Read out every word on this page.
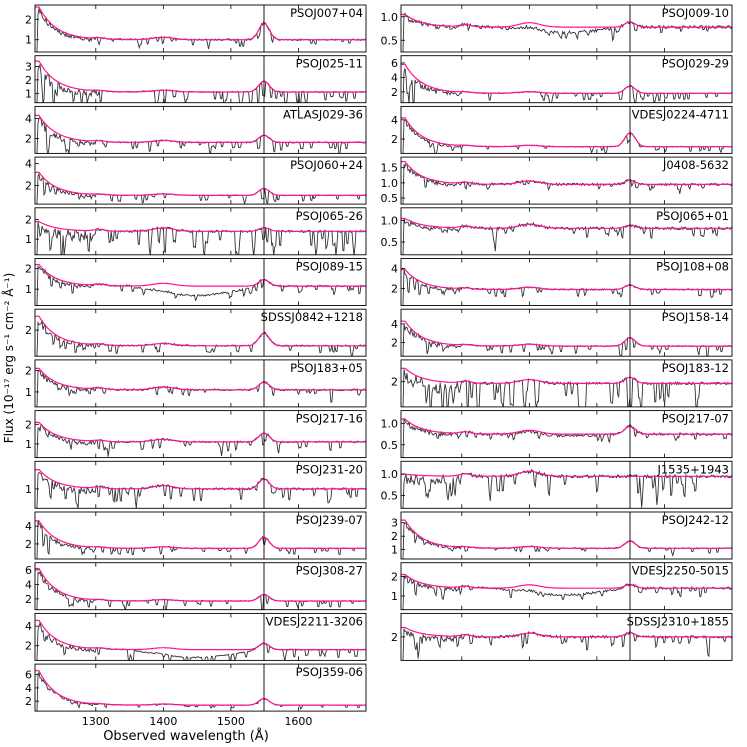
1
2	PSOJ007+04
0.5
1.0	PSOJ009-10
1
2
3	PSOJ025-11
2
4
6	PSOJ029-29
2
4	ATLASJ029-36
2
4	VDESJ0224-4711
2
4	PSOJ060+24
0.5
1.0
1.5	J0408-5632
1
2	PSOJ065-26
0.5
1.0	PSOJ065+01
1
2	PSOJ089-15
2
4	PSOJ108+08
2
SDSSJ0842+1218
2
4
PSOJ158-14
1
2	PSOJ183+05
2
PSOJ183-12
1
2	PSOJ217-16
0.5
1.0	PSOJ217-07
1
PSOJ231-20
0.5
1.0	J1535+1943
2
4	PSOJ239-07
1
2
3	PSOJ242-12
2
4
6	PSOJ308-27
1
2	VDESJ2250-5015
2
4	VDESJ2211-3206
2
SDSSJ2310+1855
2
4
6	PSOJ359-06
1300	1400	1500	1600
Flux (10⁻¹⁷ erg s⁻¹ cm⁻² Å⁻¹)
Observed wavelength (Å)
